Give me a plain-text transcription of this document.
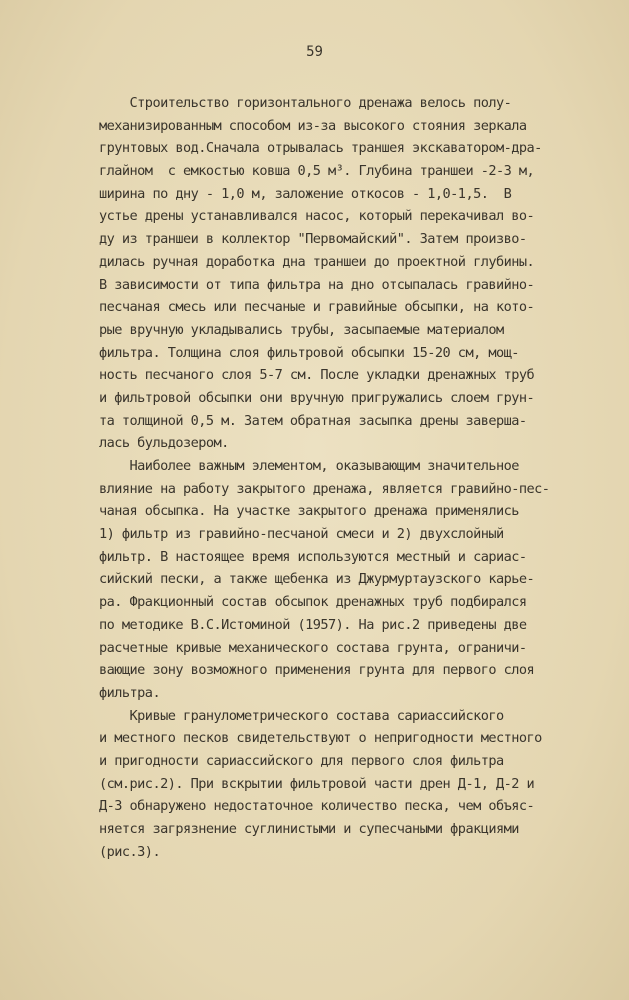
59
Строительство горизонтального дренажа велось полу-
механизированным способом из-за высокого стояния зеркала
грунтовых вод.Сначала отрывалась траншея экскаватором-дра-
глайном  с емкостью ковша 0,5 м³. Глубина траншеи -2-3 м,
ширина по дну - 1,0 м, заложение откосов - 1,0-1,5.  В
устье дрены устанавливался насос, который перекачивал во-
ду из траншеи в коллектор "Первомайский". Затем произво-
дилась ручная доработка дна траншеи до проектной глубины.
В зависимости от типа фильтра на дно отсыпалась гравийно-
песчаная смесь или песчаные и гравийные обсыпки, на кото-
рые вручную укладывались трубы, засыпаемые материалом
фильтра. Толщина слоя фильтровой обсыпки 15-20 см, мощ-
ность песчаного слоя 5-7 см. После укладки дренажных труб
и фильтровой обсыпки они вручную пригружались слоем грун-
та толщиной 0,5 м. Затем обратная засыпка дрены заверша-
лась бульдозером.
Наиболее важным элементом, оказывающим значительное
влияние на работу закрытого дренажа, является гравийно-пес-
чаная обсыпка. На участке закрытого дренажа применялись
1) фильтр из гравийно-песчаной смеси и 2) двухслойный
фильтр. В настоящее время используются местный и сариас-
сийский пески, а также щебенка из Джурмуртаузского карье-
ра. Фракционный состав обсыпок дренажных труб подбирался
по методике В.С.Истоминой (1957). На рис.2 приведены две
расчетные кривые механического состава грунта, ограничи-
вающие зону возможного применения грунта для первого слоя
фильтра.
Кривые гранулометрического состава сариассийского
и местного песков свидетельствуют о непригодности местного
и пригодности сариассийского для первого слоя фильтра
(см.рис.2). При вскрытии фильтровой части дрен Д-1, Д-2 и
Д-3 обнаружено недостаточное количество песка, чем объяс-
няется загрязнение суглинистыми и супесчаными фракциями
(рис.3).
